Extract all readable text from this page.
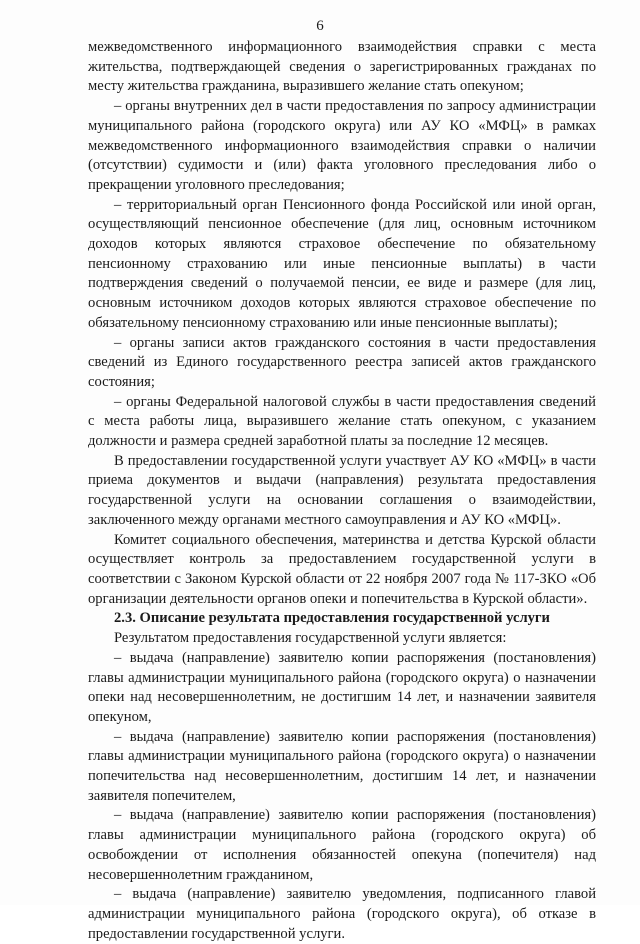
6

межведомственного информационного взаимодействия справки с места жительства, подтверждающей сведения о зарегистрированных гражданах по месту жительства гражданина, выразившего желание стать опекуном;

– органы внутренних дел в части предоставления по запросу администрации муниципального района (городского округа) или АУ КО «МФЦ» в рамках межведомственного информационного взаимодействия справки о наличии (отсутствии) судимости и (или) факта уголовного преследования либо о прекращении уголовного преследования;

– территориальный орган Пенсионного фонда Российской или иной орган, осуществляющий пенсионное обеспечение (для лиц, основным источником доходов которых являются страховое обеспечение по обязательному пенсионному страхованию или иные пенсионные выплаты) в части подтверждения сведений о получаемой пенсии, ее виде и размере (для лиц, основным источником доходов которых являются страховое обеспечение по обязательному пенсионному страхованию или иные пенсионные выплаты);

– органы записи актов гражданского состояния в части предоставления сведений из Единого государственного реестра записей актов гражданского состояния;

– органы Федеральной налоговой службы в части предоставления сведений с места работы лица, выразившего желание стать опекуном, с указанием должности и размера средней заработной платы за последние 12 месяцев.

В предоставлении государственной услуги участвует АУ КО «МФЦ» в части приема документов и выдачи (направления) результата предоставления государственной услуги на основании соглашения о взаимодействии, заключенного между органами местного самоуправления и АУ КО «МФЦ».

Комитет социального обеспечения, материнства и детства Курской области осуществляет контроль за предоставлением государственной услуги в соответствии с Законом Курской области от 22 ноября 2007 года № 117-ЗКО «Об организации деятельности органов опеки и попечительства в Курской области».

2.3. Описание результата предоставления государственной услуги

Результатом предоставления государственной услуги является:

– выдача (направление) заявителю копии распоряжения (постановления) главы администрации муниципального района (городского округа) о назначении опеки над несовершеннолетним, не достигшим 14 лет, и назначении заявителя опекуном,

– выдача (направление) заявителю копии распоряжения (постановления) главы администрации муниципального района (городского округа) о назначении попечительства над несовершеннолетним, достигшим 14 лет, и назначении заявителя попечителем,

– выдача (направление) заявителю копии распоряжения (постановления) главы администрации муниципального района (городского округа) об освобождении от исполнения обязанностей опекуна (попечителя) над несовершеннолетним гражданином,

– выдача (направление) заявителю уведомления, подписанного главой администрации муниципального района (городского округа), об отказе в предоставлении государственной услуги.
